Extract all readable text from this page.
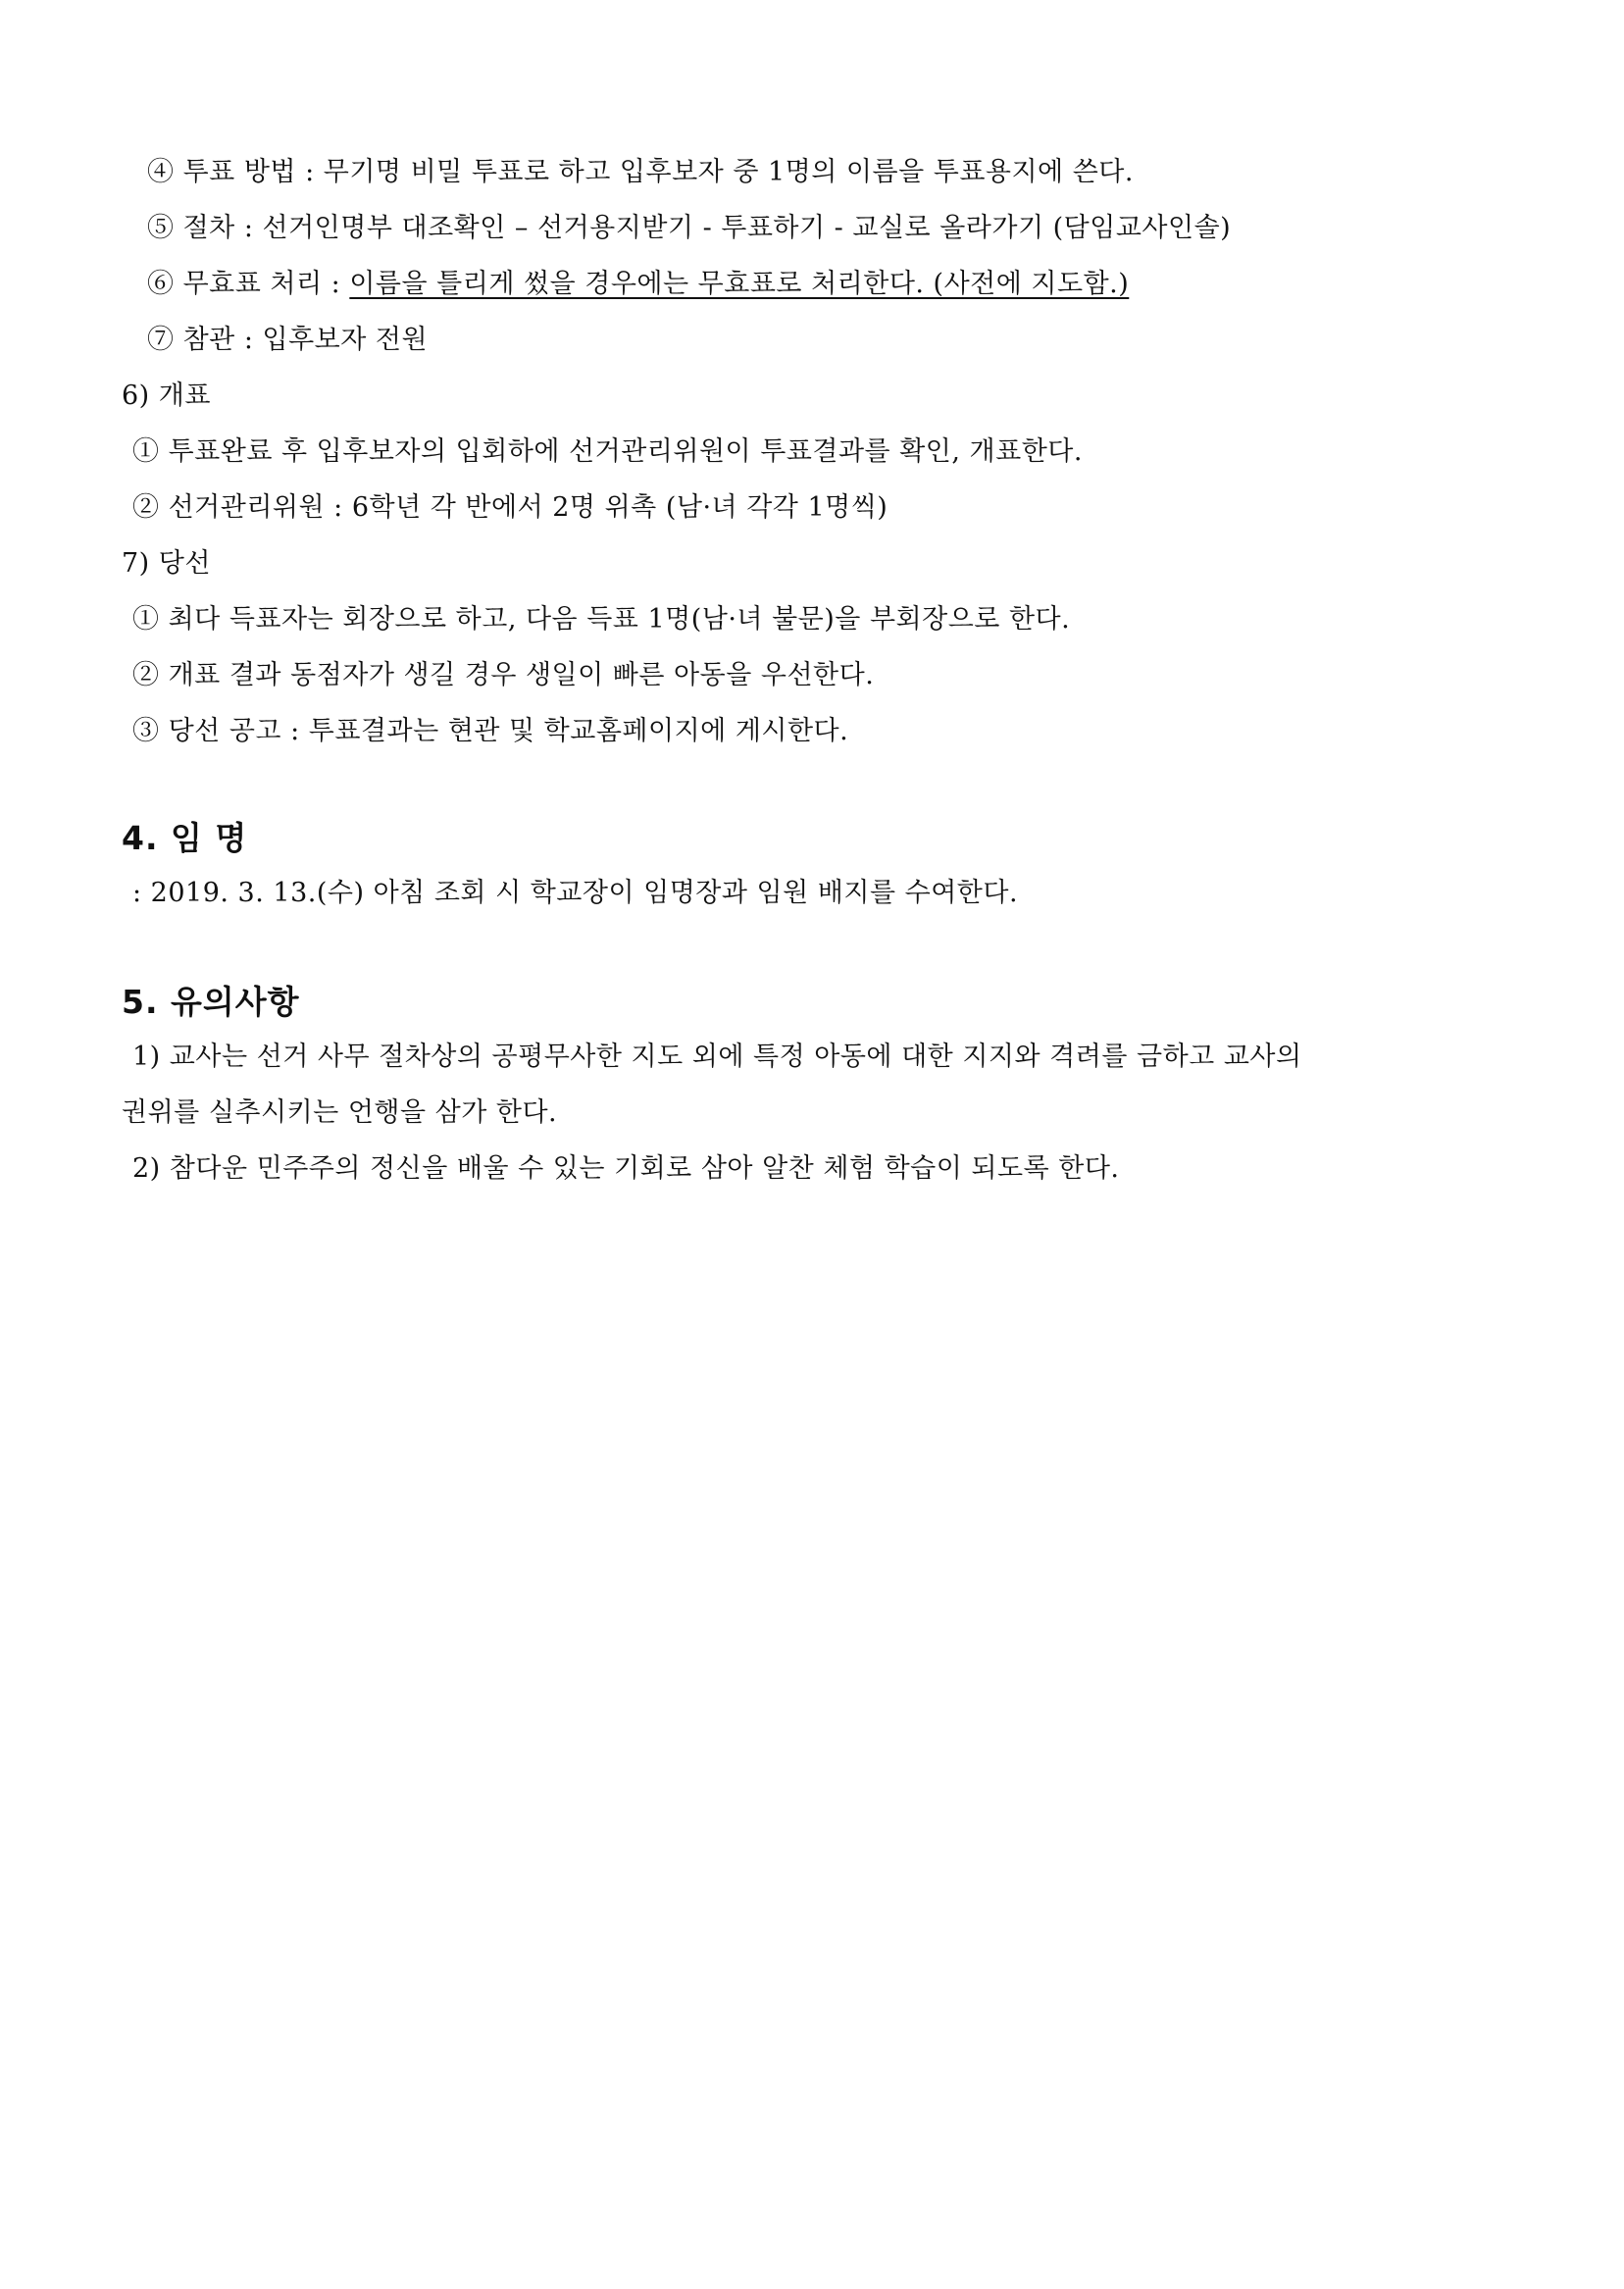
④ 투표 방법 : 무기명 비밀 투표로 하고 입후보자 중 1명의 이름을 투표용지에 쓴다.
⑤ 절차 : 선거인명부 대조확인 – 선거용지받기 - 투표하기 - 교실로 올라가기 (담임교사인솔)
⑥ 무효표 처리 : 이름을 틀리게 썼을 경우에는 무효표로 처리한다. (사전에 지도함.)
⑦ 참관 : 입후보자 전원
6) 개표
① 투표완료 후 입후보자의 입회하에 선거관리위원이 투표결과를 확인, 개표한다.
② 선거관리위원 : 6학년 각 반에서 2명 위촉 (남·녀 각각 1명씩)
7) 당선
① 최다 득표자는 회장으로 하고, 다음 득표 1명(남·녀 불문)을 부회장으로 한다.
② 개표 결과 동점자가 생길 경우 생일이 빠른 아동을 우선한다.
③ 당선 공고 : 투표결과는 현관 및 학교홈페이지에 게시한다.
4. 임 명
: 2019. 3. 13.(수) 아침 조회 시 학교장이 임명장과 임원 배지를 수여한다.
5. 유의사항
1) 교사는 선거 사무 절차상의 공평무사한 지도 외에 특정 아동에 대한 지지와 격려를 금하고 교사의
권위를 실추시키는 언행을 삼가 한다.
2) 참다운 민주주의 정신을 배울 수 있는 기회로 삼아 알찬 체험 학습이 되도록 한다.
